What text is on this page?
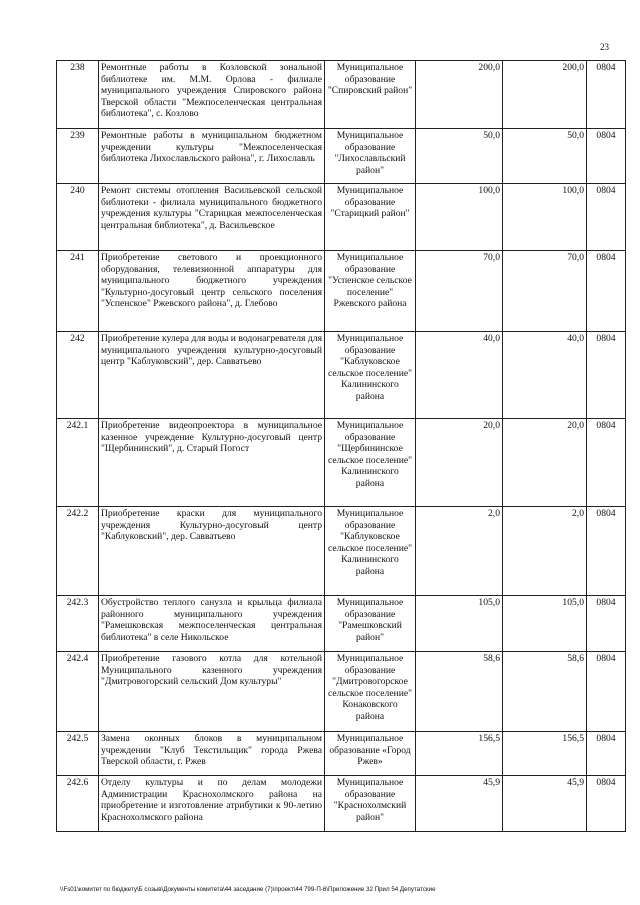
23
238	Ремонтные работы в Козловской зональной библиотеке им. М.М. Орлова - филиале муниципального учреждения Спировского района Тверской области "Межпоселенческая центральная библиотека", с. Козлово	Муниципальное образование "Спировский район"	200,0	200,0	0804
239	Ремонтные работы в муниципальном бюджетном учреждении культуры "Межпоселенческая библиотека Лихославльского района", г. Лихославль	Муниципальное образование "Лихославльский район"	50,0	50,0	0804
240	Ремонт системы отопления Васильевской сельской библиотеки - филиала муниципального бюджетного учреждения культуры "Старицкая межпоселенческая центральная библиотека", д. Васильевское	Муниципальное образование "Старицкий район"	100,0	100,0	0804
241	Приобретение светового и проекционного оборудования, телевизионной аппаратуры для муниципального бюджетного учреждения "Культурно-досуговый центр сельского поселения "Успенское" Ржевского района", д. Глебово	Муниципальное образование "Успенское сельское поселение" Ржевского района	70,0	70,0	0804
242	Приобретение кулера для воды и водонагревателя для муниципального учреждения культурно-досуговый центр "Каблуковский", дер. Савватьево	Муниципальное образование "Каблуковское сельское поселение" Калининского района	40,0	40,0	0804
242.1	Приобретение видеопроектора в муниципальное казенное учреждение Культурно-досуговый центр "Щербининский", д. Старый Погост	Муниципальное образование "Щербининское сельское поселение" Калининского района	20,0	20,0	0804
242.2	Приобретение краски для муниципального учреждения Культурно-досуговый центр "Каблуковский", дер. Савватьево	Муниципальное образование "Каблуковское сельское поселение" Калининского района	2,0	2,0	0804
242.3	Обустройство теплого санузла и крыльца филиала районного муниципального учреждения "Рамешковская межпоселенческая центральная библиотека" в селе Никольское	Муниципальное образование "Рамешковский район"	105,0	105,0	0804
242.4	Приобретение газового котла для котельной Муниципального казенного учреждения "Дмитровогорский сельский Дом культуры"	Муниципальное образование "Дмитровогорское сельское поселение" Конаковского района	58,6	58,6	0804
242.5	Замена оконных блоков в муниципальном учреждении "Клуб Текстильщик" города Ржева Тверской области, г. Ржев	Муниципальное образование «Город Ржев»	156,5	156,5	0804
242.6	Отделу культуры и по делам молодежи Администрации Краснохолмского района на приобретение и изготовление атрибутики к 90-летию Краснохолмского района	Муниципальное образование "Краснохолмский район"	45,9	45,9	0804
\\Fs01\комитет по бюджету\Б созыв\Документы комитета\44 заседание (7)\проект\44 799-П-6\Приложение 32 Прил 54 Депутатские
